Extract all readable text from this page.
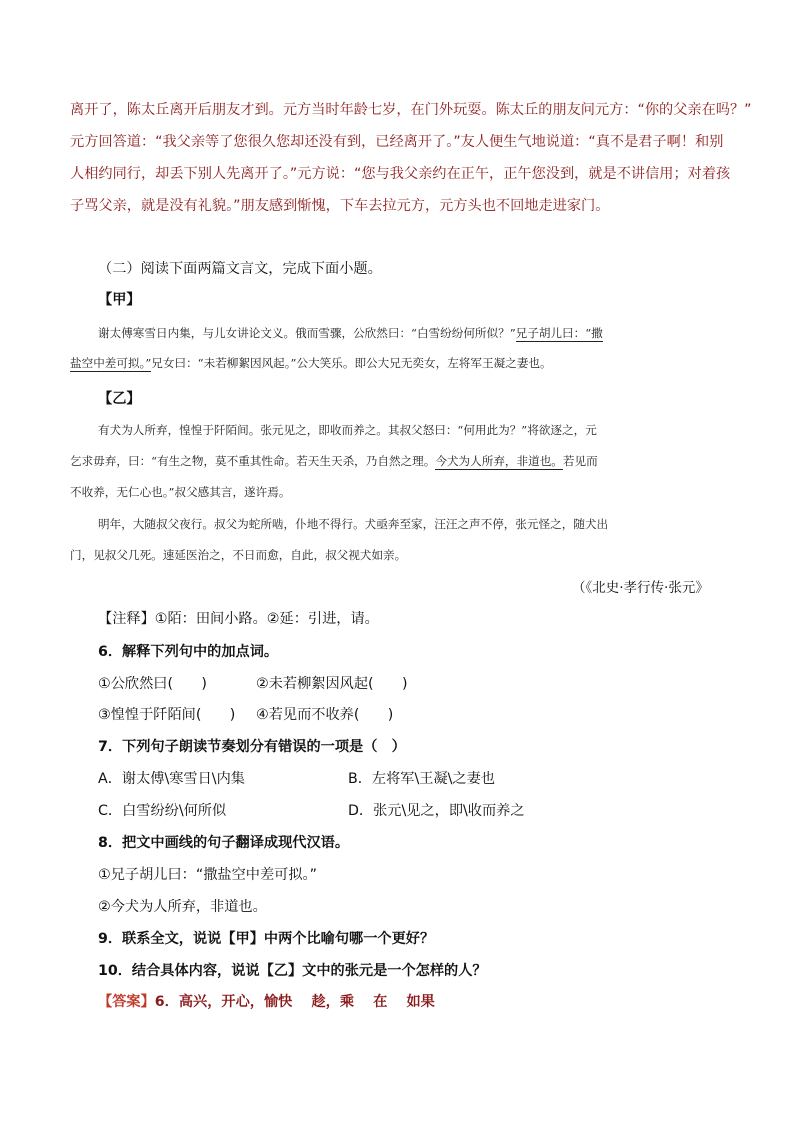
离开了，陈太丘离开后朋友才到。元方当时年龄七岁，在门外玩耍。陈太丘的朋友问元方：“你的父亲在吗？”
元方回答道：“我父亲等了您很久您却还没有到，已经离开了。”友人便生气地说道：“真不是君子啊！和别
人相约同行，却丢下别人先离开了。”元方说：“您与我父亲约在正午，正午您没到，就是不讲信用；对着孩
子骂父亲，就是没有礼貌。”朋友感到惭愧，下车去拉元方，元方头也不回地走进家门。
（二）阅读下面两篇文言文，完成下面小题。
【甲】
谢太傅寒雪日内集，与儿女讲论文义。俄而雪骤，公欣然曰：“白雪纷纷何所似？”兄子胡儿曰：“撒
盐空中差可拟。”兄女曰：“未若柳絮因风起。”公大笑乐。即公大兄无奕女，左将军王凝之妻也。
【乙】
有犬为人所弃，惶惶于阡陌间。张元见之，即收而养之。其叔父怒曰：“何用此为？”将欲逐之，元
乞求毋弃，曰：“有生之物，莫不重其性命。若天生天杀，乃自然之理。今犬为人所弃，非道也。若见而
不收养，无仁心也。”叔父感其言，遂许焉。
明年，大随叔父夜行。叔父为蛇所啮，仆地不得行。犬亟奔至家，汪汪之声不停，张元怪之，随犬出
门，见叔父几死。速延医治之，不日而愈，自此，叔父视犬如亲。
（《北史·孝行传·张元》
【注释】①陌：田间小路。②延：引进，请。
6．解释下列句中的加点词。
①公欣然曰(　　)	②未若柳絮因风起(　　)
③惶惶于阡陌间(　　) ④若见而不收养(　　)
7．下列句子朗读节奏划分有错误的一项是（　）
A．谢太傅\寒雪日\内集	B．左将军\王凝\之妻也
C．白雪纷纷\何所似	D．张元\见之，即\收而养之
8．把文中画线的句子翻译成现代汉语。
①兄子胡儿曰：“撒盐空中差可拟。”
②今犬为人所弃，非道也。
9．联系全文，说说【甲】中两个比喻句哪一个更好？
10．结合具体内容，说说【乙】文中的张元是一个怎样的人？
【答案】6．高兴，开心，愉快　 趁，乘　 在　 如果
